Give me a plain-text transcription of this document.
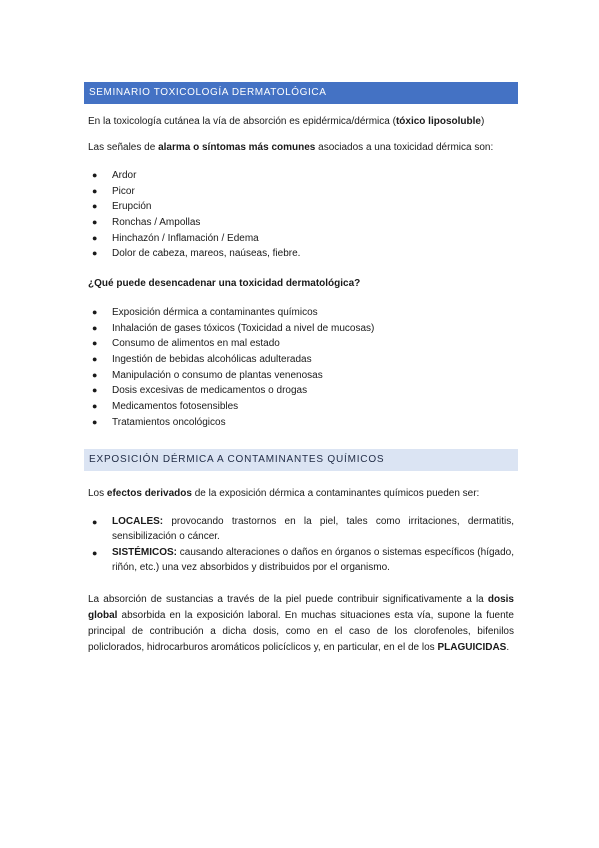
SEMINARIO TOXICOLOGÍA DERMATOLÓGICA
En la toxicología cutánea la vía de absorción es epidérmica/dérmica (tóxico liposoluble)
Las señales de alarma o síntomas más comunes asociados a una toxicidad dérmica son:
● Ardor
● Picor
● Erupción
● Ronchas / Ampollas
● Hinchazón / Inflamación / Edema
● Dolor de cabeza, mareos, naúseas, fiebre.
¿Qué puede desencadenar una toxicidad dermatológica?
● Exposición dérmica a contaminantes químicos
● Inhalación de gases tóxicos (Toxicidad a nivel de mucosas)
● Consumo de alimentos en mal estado
● Ingestión de bebidas alcohólicas adulteradas
● Manipulación o consumo de plantas venenosas
● Dosis excesivas de medicamentos o drogas
● Medicamentos fotosensibles
● Tratamientos oncológicos
EXPOSICIÓN DÉRMICA A CONTAMINANTES QUÍMICOS
Los efectos derivados de la exposición dérmica a contaminantes químicos pueden ser:
● LOCALES: provocando trastornos en la piel, tales como irritaciones, dermatitis, sensibilización o cáncer.
● SISTÉMICOS: causando alteraciones o daños en órganos o sistemas específicos (hígado, riñón, etc.) una vez absorbidos y distribuidos por el organismo.
La absorción de sustancias a través de la piel puede contribuir significativamente a la dosis global absorbida en la exposición laboral. En muchas situaciones esta vía, supone la fuente principal de contribución a dicha dosis, como en el caso de los clorofenoles, bifenilos policlorados, hidrocarburos aromáticos policíclicos y, en particular, en el de los PLAGUICIDAS.
